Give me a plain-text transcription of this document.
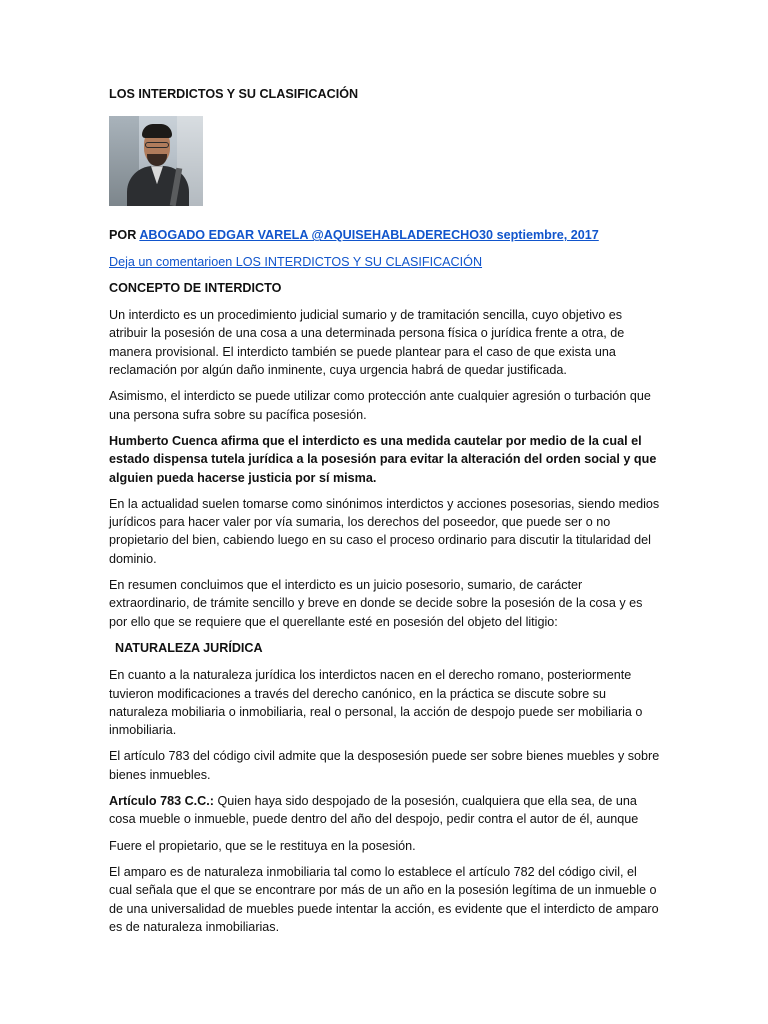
LOS INTERDICTOS Y SU CLASIFICACIÓN
POR ABOGADO EDGAR VARELA @AQUISEHABLADERECHO30 septiembre, 2017
Deja un comentarioen LOS INTERDICTOS Y SU CLASIFICACIÓN
CONCEPTO DE INTERDICTO

Un interdicto es un procedimiento judicial sumario y de tramitación sencilla, cuyo objetivo es atribuir la posesión de una cosa a una determinada persona física o jurídica frente a otra, de manera provisional. El interdicto también se puede plantear para el caso de que exista una reclamación por algún daño inminente, cuya urgencia habrá de quedar justificada.

Asimismo, el interdicto se puede utilizar como protección ante cualquier agresión o turbación que una persona sufra sobre su pacífica posesión.

Humberto Cuenca afirma que el interdicto es una medida cautelar por medio de la cual el estado dispensa tutela jurídica a la posesión para evitar la alteración del orden social y que alguien pueda hacerse justicia por sí misma.

En la actualidad suelen tomarse como sinónimos interdictos y acciones posesorias, siendo medios jurídicos para hacer valer por vía sumaria, los derechos del poseedor, que puede ser o no propietario del bien, cabiendo luego en su caso el proceso ordinario para discutir la titularidad del dominio.

En resumen concluimos que el interdicto es un juicio posesorio, sumario, de carácter extraordinario, de trámite sencillo y breve en donde se decide sobre la posesión de la cosa y es por ello que se requiere que el querellante esté en posesión del objeto del litigio:

NATURALEZA JURÍDICA

En cuanto a la naturaleza jurídica los interdictos nacen en el derecho romano, posteriormente tuvieron modificaciones a través del derecho canónico, en la práctica se discute sobre su naturaleza mobiliaria o inmobiliaria, real o personal, la acción de despojo puede ser mobiliaria o inmobiliaria.

El artículo 783 del código civil admite que la desposesión puede ser sobre bienes muebles y sobre bienes inmuebles.

Artículo 783 C.C.: Quien haya sido despojado de la posesión, cualquiera que ella sea, de una cosa mueble o inmueble, puede dentro del año del despojo, pedir contra el autor de él, aunque

Fuere el propietario, que se le restituya en la posesión.

El amparo es de naturaleza inmobiliaria tal como lo establece el artículo 782 del código civil, el cual señala que el que se encontrare por más de un año en la posesión legítima de un inmueble o de una universalidad de muebles puede intentar la acción, es evidente que el interdicto de amparo es de naturaleza inmobiliarias.
